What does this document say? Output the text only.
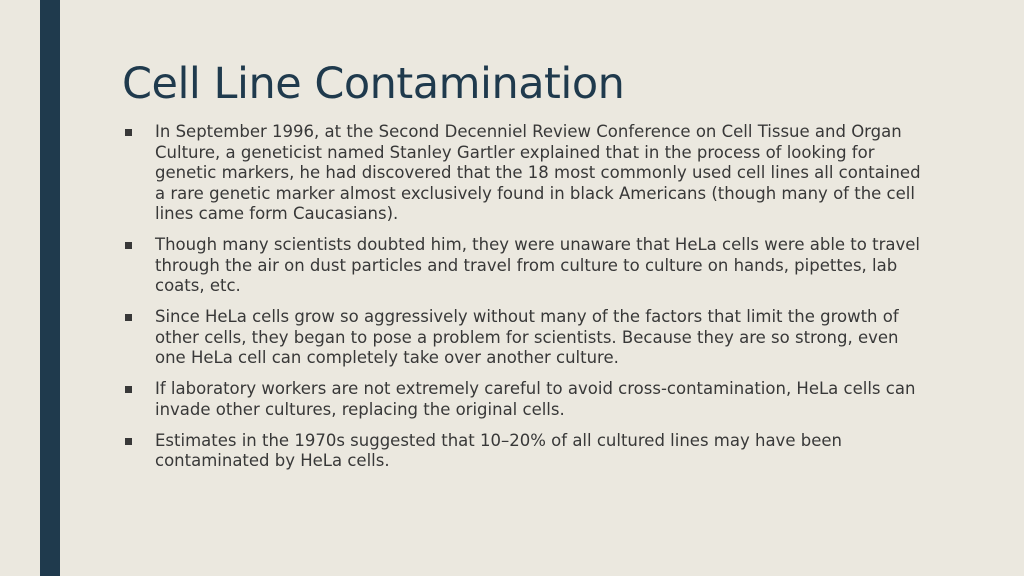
Cell Line Contamination
In September 1996, at the Second Decenniel Review Conference on Cell Tissue and Organ Culture, a geneticist named Stanley Gartler explained that in the process of looking for genetic markers, he had discovered that the 18 most commonly used cell lines all contained a rare genetic marker almost exclusively found in black Americans (though many of the cell lines came form Caucasians).
Though many scientists doubted him, they were unaware that HeLa cells were able to travel through the air on dust particles and travel from culture to culture on hands, pipettes, lab coats, etc.
Since HeLa cells grow so aggressively without many of the factors that limit the growth of other cells, they began to pose a problem for scientists. Because they are so strong, even one HeLa cell can completely take over another culture.
If laboratory workers are not extremely careful to avoid cross-contamination, HeLa cells can invade other cultures, replacing the original cells.
Estimates in the 1970s suggested that 10–20% of all cultured lines may have been contaminated by HeLa cells.
